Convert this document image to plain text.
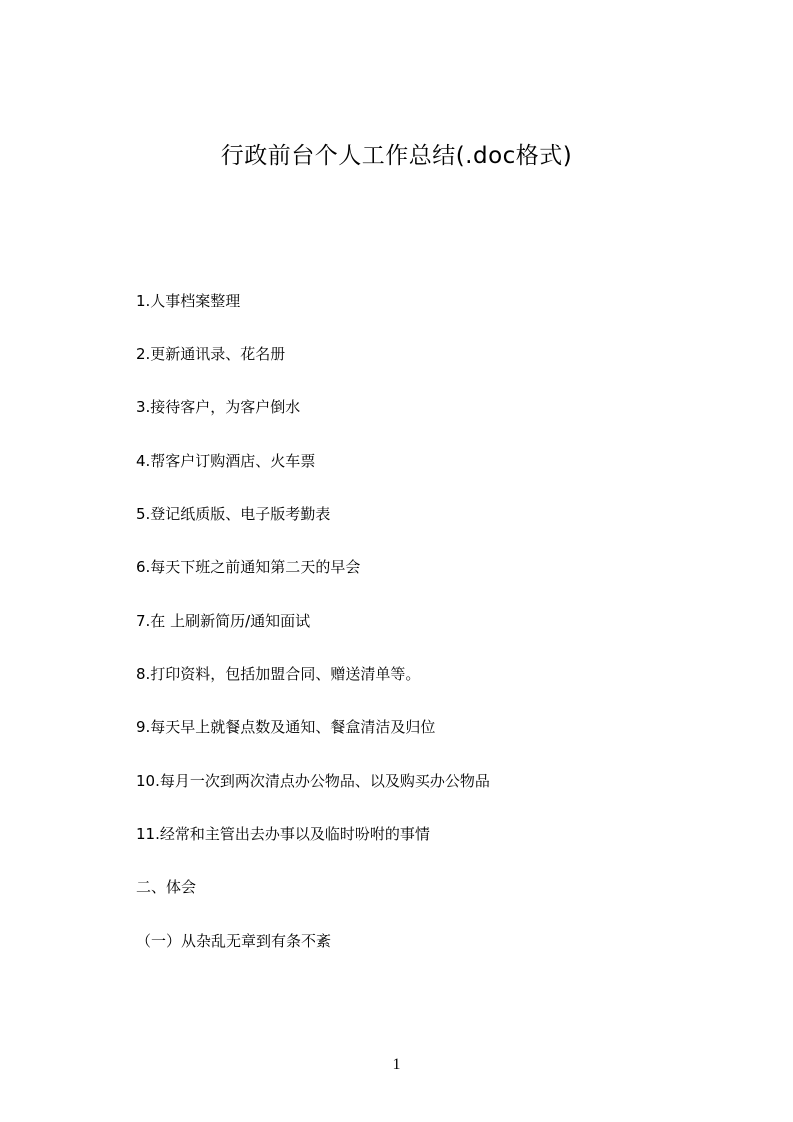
行政前台个人工作总结(.doc格式)
1.人事档案整理
2.更新通讯录、花名册
3.接待客户，为客户倒水
4.帮客户订购酒店、火车票
5.登记纸质版、电子版考勤表
6.每天下班之前通知第二天的早会
7.在 上刷新简历/通知面试
8.打印资料，包括加盟合同、赠送清单等。
9.每天早上就餐点数及通知、餐盒清洁及归位
10.每月一次到两次清点办公物品、以及购买办公物品
11.经常和主管出去办事以及临时吩咐的事情
二、体会
（一）从杂乱无章到有条不紊
1
